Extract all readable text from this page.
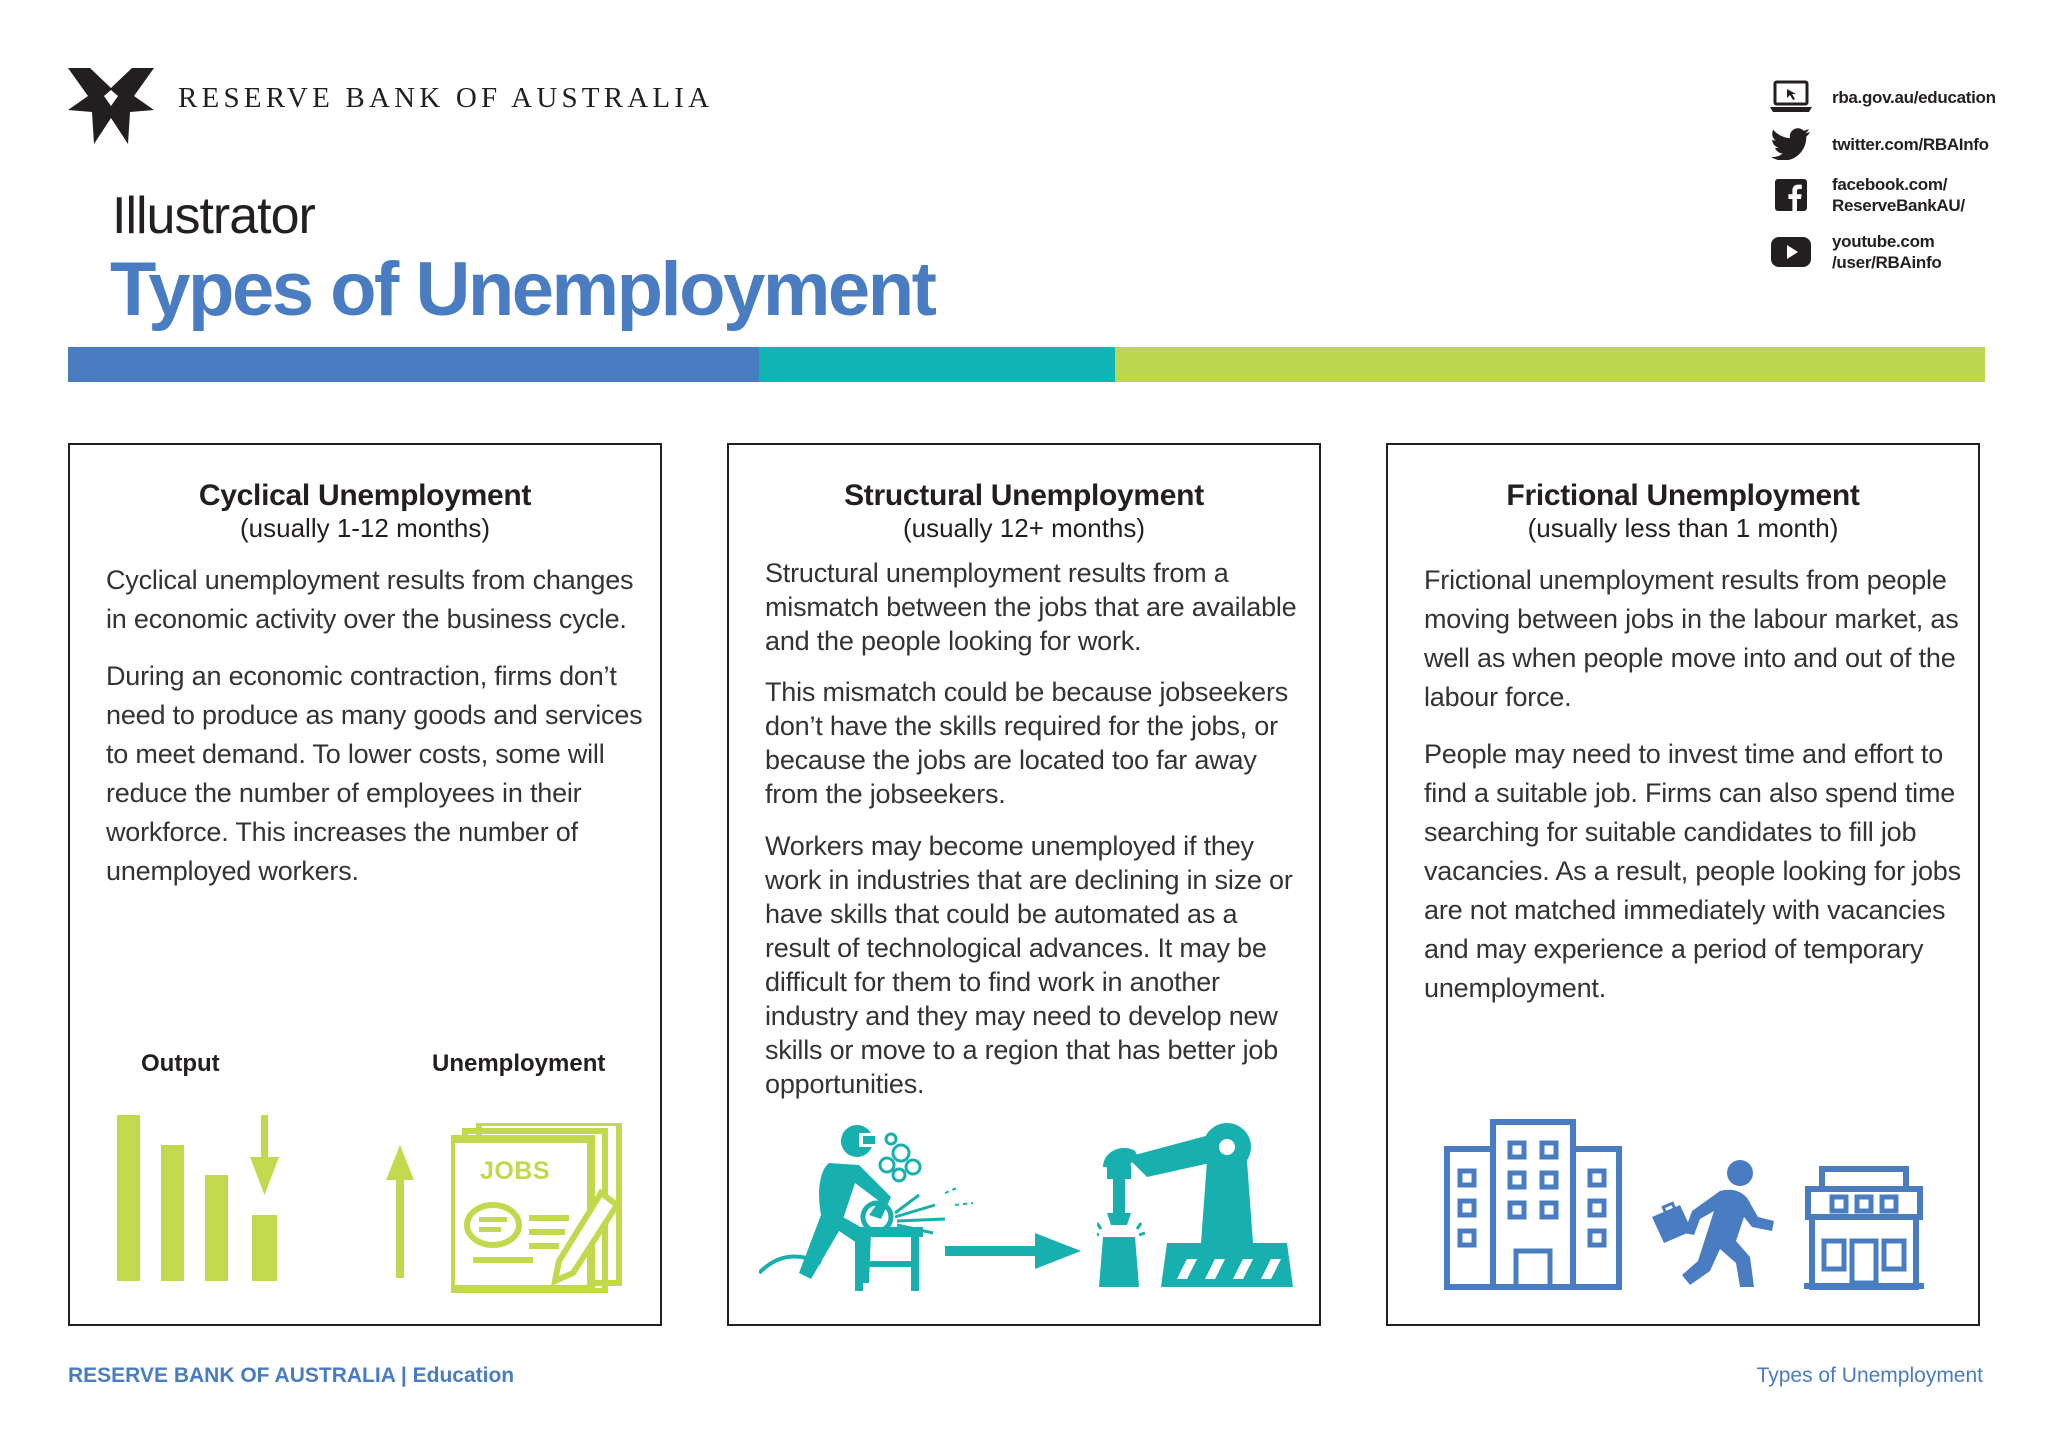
RESERVE BANK OF AUSTRALIA
Illustrator
Types of Unemployment
rba.gov.au/education
twitter.com/RBAInfo
facebook.com/
ReserveBankAU/
youtube.com
/user/RBAinfo
Cyclical Unemployment
(usually 1-12 months)

Cyclical unemployment results from changes in economic activity over the business cycle.

During an economic contraction, firms don’t need to produce as many goods and services to meet demand. To lower costs, some will reduce the number of employees in their workforce. This increases the number of unemployed workers.

Output	Unemployment
JOBS
Structural Unemployment
(usually 12+ months)

Structural unemployment results from a mismatch between the jobs that are available and the people looking for work.

This mismatch could be because jobseekers don’t have the skills required for the jobs, or because the jobs are located too far away from the jobseekers.

Workers may become unemployed if they work in industries that are declining in size or have skills that could be automated as a result of technological advances. It may be difficult for them to find work in another industry and they may need to develop new skills or move to a region that has better job opportunities.

Frictional Unemployment
(usually less than 1 month)

Frictional unemployment results from people moving between jobs in the labour market, as well as when people move into and out of the labour force.

People may need to invest time and effort to find a suitable job. Firms can also spend time searching for suitable candidates to fill job vacancies. As a result, people looking for jobs are not matched immediately with vacancies and may experience a period of temporary unemployment.

RESERVE BANK OF AUSTRALIA | Education	Types of Unemployment
